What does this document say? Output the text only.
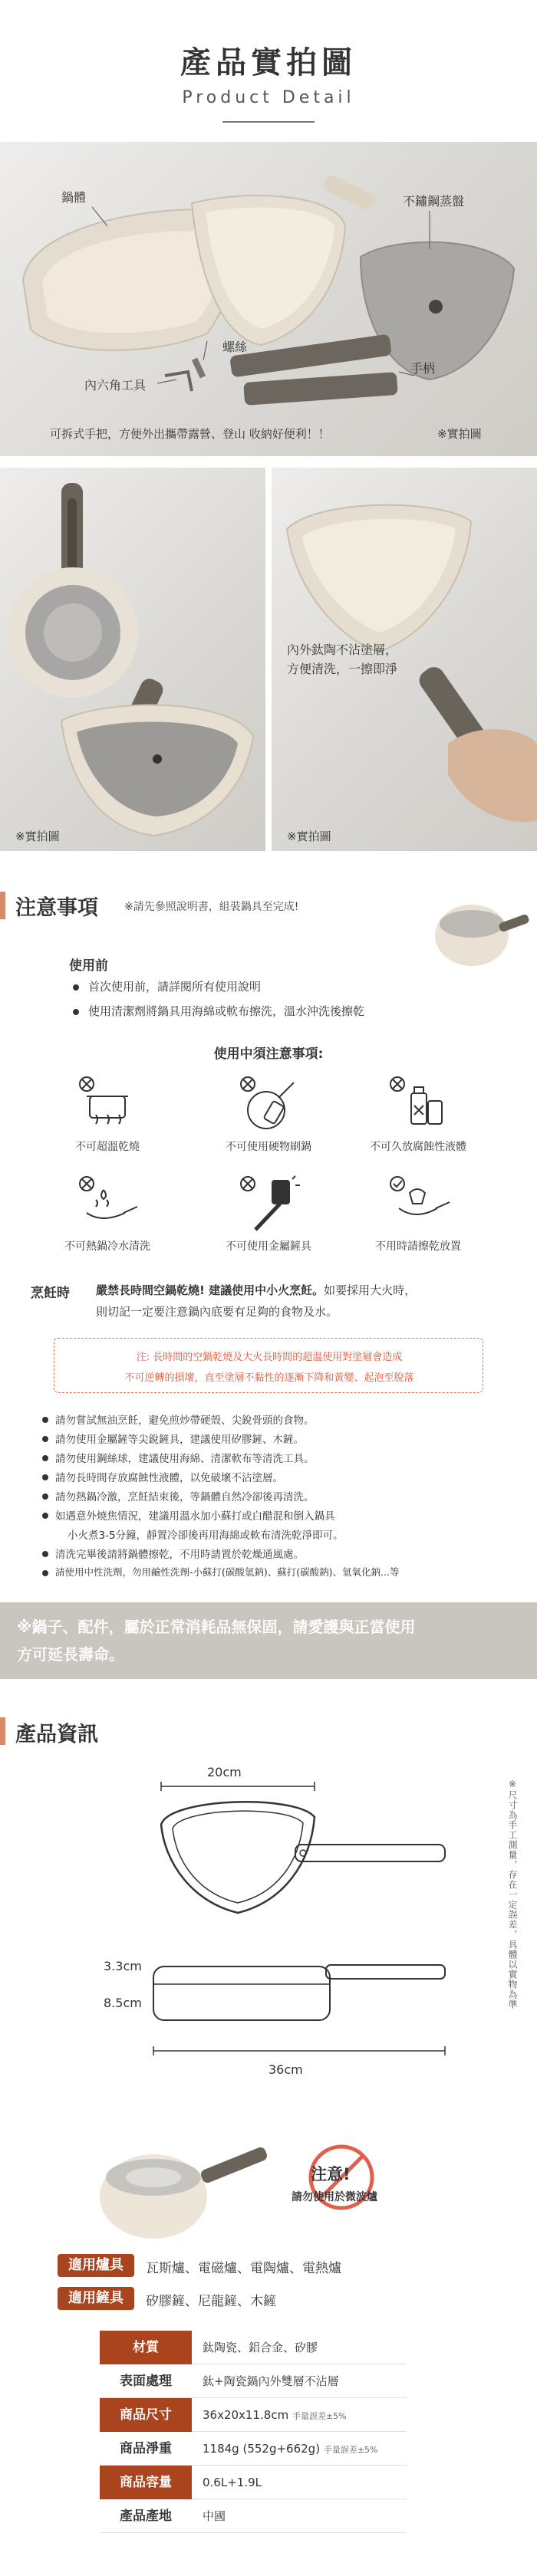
產品實拍圖
Product Detail
鍋體	不鏽鋼蒸盤
螺絲
手柄
內六角工具
可拆式手把，方便外出攜帶露營、登山 收納好便利！！	※實拍圖
※實拍圖
內外鈦陶不沾塗層，
方便清洗，一擦即淨
※實拍圖
注意事項 ※請先參照說明書，組裝鍋具至完成!
使用前
首次使用前，請詳閱所有使用說明
使用清潔劑將鍋具用海綿或軟布擦洗，溫水沖洗後擦乾
使用中須注意事項:
不可超溫乾燒	不可使用硬物刷鍋	不可久放腐蝕性液體
不可熱鍋冷水清洗	不可使用金屬鏟具	不用時請擦乾放置
烹飪時 嚴禁長時間空鍋乾燒! 建議使用中小火烹飪。如要採用大火時，
則切記一定要注意鍋內底要有足夠的食物及水。
注: 長時間的空鍋乾燒及大火長時間的超溫使用對塗層會造成
不可逆轉的損壞，直至塗層不黏性的逐漸下降和黃變、起泡至脫落
請勿嘗試無油烹飪，避免煎炒帶硬殼、尖銳骨頭的食物。
請勿使用金屬鏟等尖銳鏟具，建議使用矽膠鏟、木鏟。
請勿使用鋼絲球，建議使用海綿、清潔軟布等清洗工具。
請勿長時間存放腐蝕性液體，以免破壞不沾塗層。
請勿熱鍋冷激，烹飪結束後，等鍋體自然冷卻後再清洗。
如遇意外燒焦情況，建議用溫水加小蘇打或白醋混和倒入鍋具
小火煮3-5分鐘，靜置冷卻後再用海綿或軟布清洗乾淨即可。
清洗完畢後請將鍋體擦乾，不用時請置於乾燥通風處。
請使用中性洗劑，勿用鹼性洗劑-小蘇打(碳酸氫鈉)、蘇打(碳酸鈉)、氫氧化鈉...等
※鍋子、配件，屬於正常消耗品無保固，請愛護與正當使用
方可延長壽命。
產品資訊
20cm
3.3cm
8.5cm
36cm
※尺寸為手工測量，存在一定誤差，具體以實物為準
注意!
請勿使用於微波爐
適用爐具	瓦斯爐、電磁爐、電陶爐、電熱爐
適用鏟具	矽膠鏟、尼龍鏟、木鏟
材質	鈦陶瓷、鋁合金、矽膠
表面處理	鈦+陶瓷鍋內外雙層不沾層
商品尺寸	36x20x11.8cm 手量誤差±5%
商品淨重	1184g (552g+662g) 手量誤差±5%
商品容量	0.6L+1.9L
產品產地	中國
